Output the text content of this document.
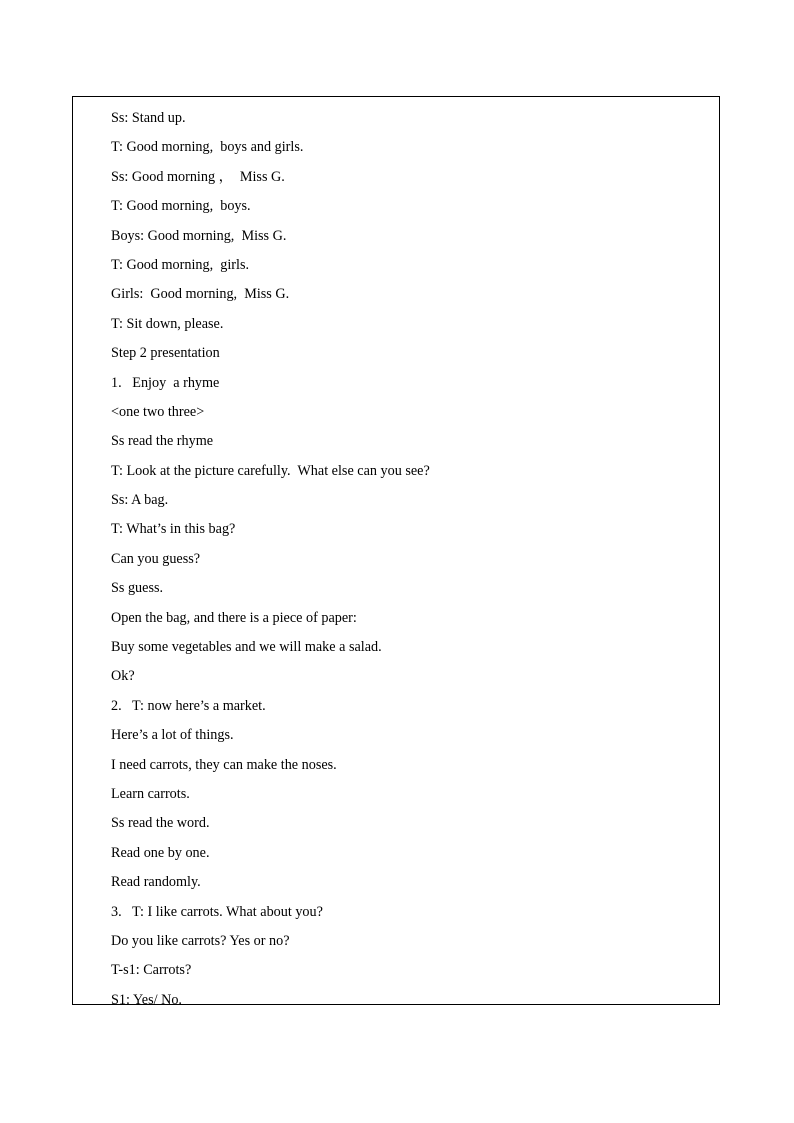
Ss: Stand up.
T: Good morning,  boys and girls.
Ss: Good morning ，  Miss G.
T: Good morning,  boys.
Boys: Good morning,  Miss G.
T: Good morning,  girls.
Girls:  Good morning,  Miss G.
T: Sit down, please.
Step 2 presentation
1.   Enjoy  a rhyme
<one two three>
Ss read the rhyme
T: Look at the picture carefully.  What else can you see?
Ss: A bag.
T: What’s in this bag?
Can you guess?
Ss guess.
Open the bag, and there is a piece of paper:
Buy some vegetables and we will make a salad.
Ok?
2.   T: now here’s a market.
Here’s a lot of things.
I need carrots, they can make the noses.
Learn carrots.
Ss read the word.
Read one by one.
Read randomly.
3.   T: I like carrots. What about you?
Do you like carrots? Yes or no?
T-s1: Carrots?
S1: Yes/ No.
